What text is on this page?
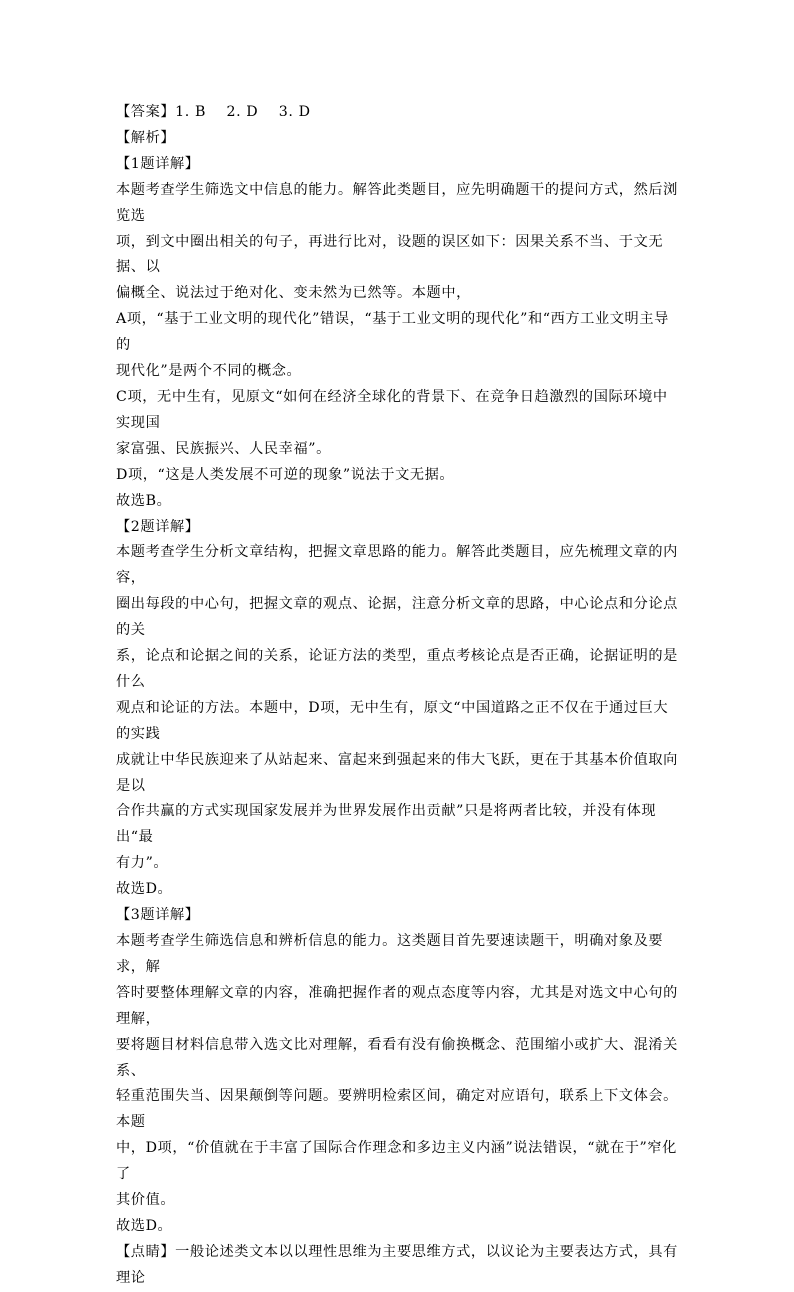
【答案】1. B    2. D    3. D

【解析】

【1题详解】

本题考查学生筛选文中信息的能力。解答此类题目，应先明确题干的提问方式，然后浏览选

项，到文中圈出相关的句子，再进行比对，设题的误区如下：因果关系不当、于文无据、以

偏概全、说法过于绝对化、变未然为已然等。本题中，

A项，“基于工业文明的现代化”错误，“基于工业文明的现代化”和“西方工业文明主导的

现代化”是两个不同的概念。

C项，无中生有，见原文“如何在经济全球化的背景下、在竞争日趋激烈的国际环境中实现国

家富强、民族振兴、人民幸福”。

D项，“这是人类发展不可逆的现象”说法于文无据。

故选B。

【2题详解】

本题考查学生分析文章结构，把握文章思路的能力。解答此类题目，应先梳理文章的内容，

圈出每段的中心句，把握文章的观点、论据，注意分析文章的思路，中心论点和分论点的关

系，论点和论据之间的关系，论证方法的类型，重点考核论点是否正确，论据证明的是什么

观点和论证的方法。本题中，D项，无中生有，原文“中国道路之正不仅在于通过巨大的实践

成就让中华民族迎来了从站起来、富起来到强起来的伟大飞跃，更在于其基本价值取向是以

合作共赢的方式实现国家发展并为世界发展作出贡献”只是将两者比较，并没有体现出“最

有力”。

故选D。

【3题详解】

本题考查学生筛选信息和辨析信息的能力。这类题目首先要速读题干，明确对象及要求，解

答时要整体理解文章的内容，准确把握作者的观点态度等内容，尤其是对选文中心句的理解，

要将题目材料信息带入选文比对理解，看看有没有偷换概念、范围缩小或扩大、混淆关系、

轻重范围失当、因果颠倒等问题。要辨明检索区间，确定对应语句，联系上下文体会。本题

中，D项，“价值就在于丰富了国际合作理念和多边主义内涵”说法错误，“就在于”窄化了

其价值。

故选D。

【点睛】一般论述类文本以以理性思维为主要思维方式，以议论为主要表达方式，具有理论
